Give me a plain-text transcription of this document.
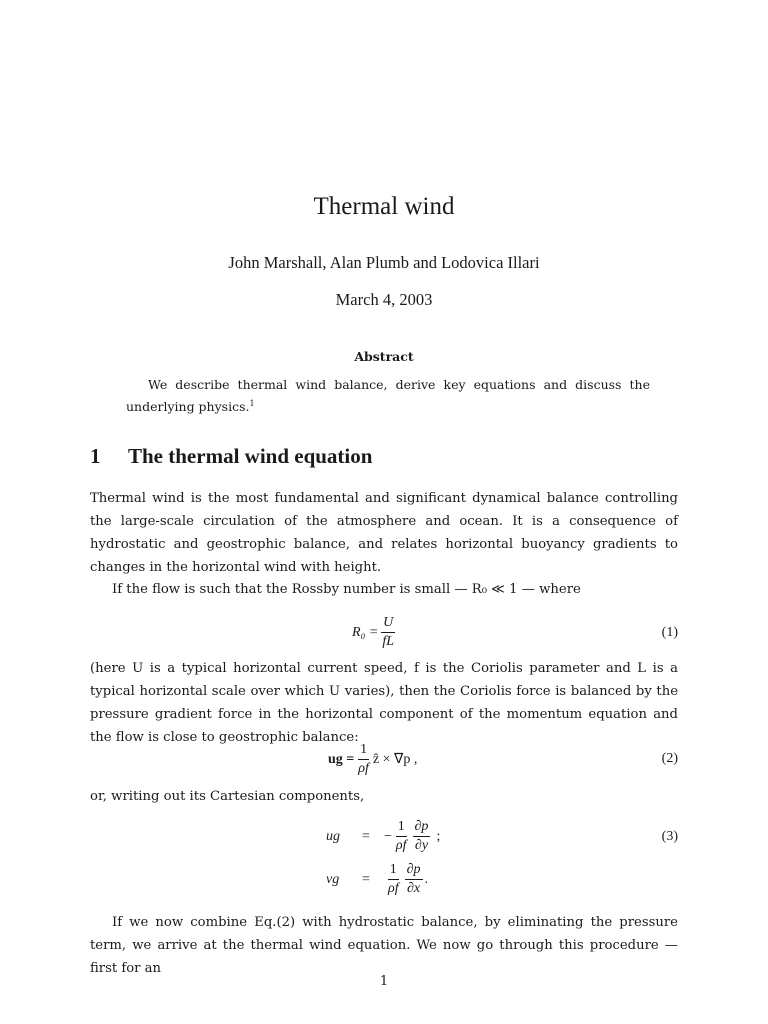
Thermal wind
John Marshall, Alan Plumb and Lodovica Illari
March 4, 2003
Abstract
We describe thermal wind balance, derive key equations and discuss the underlying physics.$^1$
1 The thermal wind equation
Thermal wind is the most fundamental and significant dynamical balance controlling the large-scale circulation of the atmosphere and ocean. It is a consequence of hydrostatic and geostrophic balance, and relates horizontal buoyancy gradients to changes in the horizontal wind with height.
If the flow is such that the Rossby number is small — R₀ ≪ 1 — where
$R_0 = \frac{U}{fL}$	(1)
(here U is a typical horizontal current speed, f is the Coriolis parameter and L is a typical horizontal scale over which U varies), then the Coriolis force is balanced by the pressure gradient force in the horizontal component of the momentum equation and the flow is close to geostrophic balance:
ug = $\frac{1}{\rho f}$ ẑ × ∇p ,	(2)
or, writing out its Cartesian components,
ug	=	− $\frac{1}{\rho f} \frac{\partial p}{\partial y}$ ;
vg	=	$\frac{1}{\rho f} \frac{\partial p}{\partial x}$ .
(3)
If we now combine Eq.(2) with hydrostatic balance, by eliminating the pressure term, we arrive at the thermal wind equation. We now go through this procedure — first for an
1
